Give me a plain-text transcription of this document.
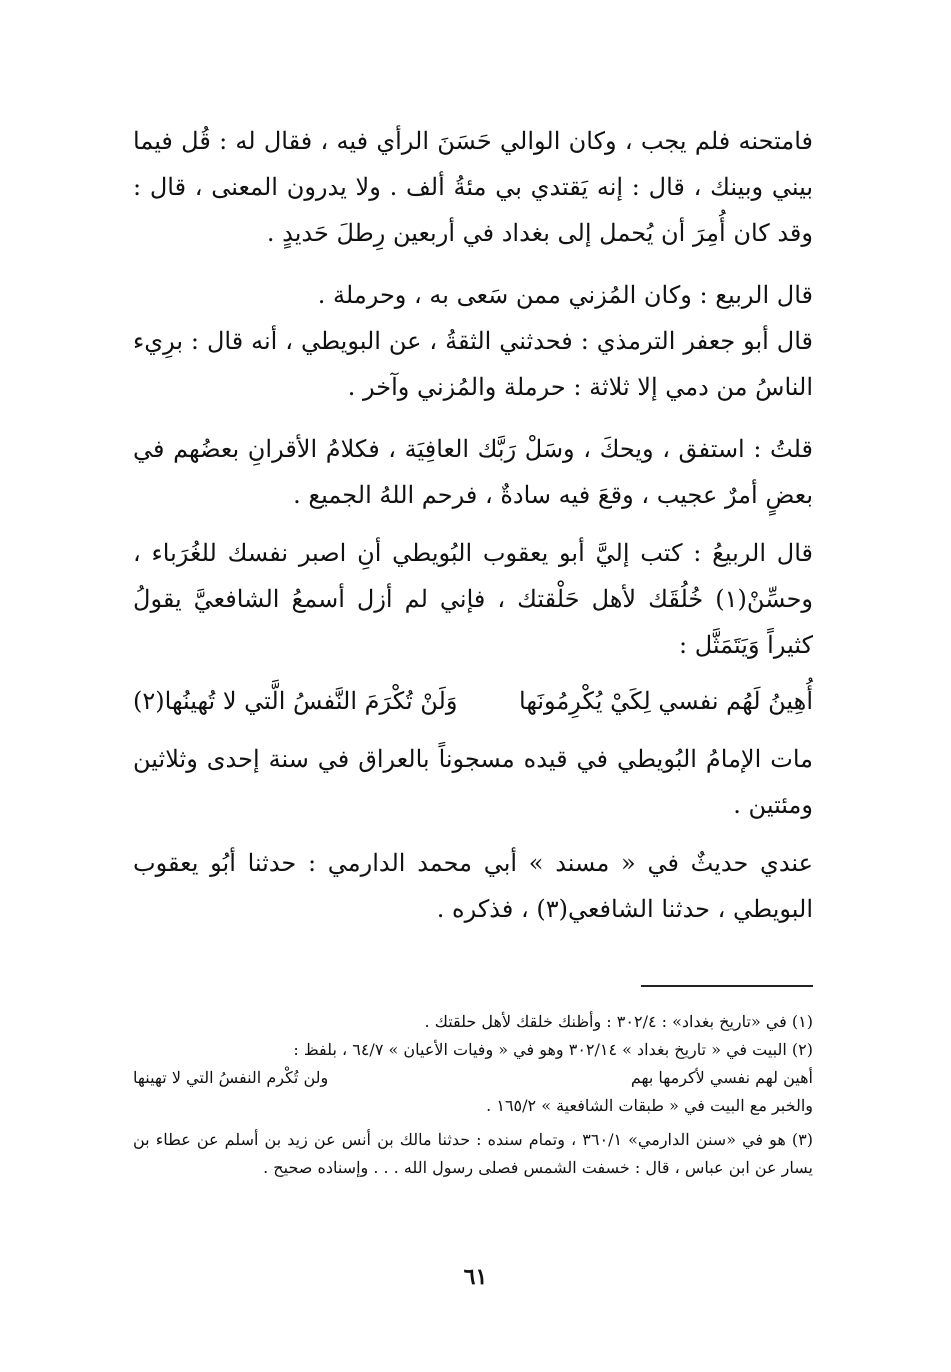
فامتحنه فلم يجب ، وكان الوالي حَسَنَ الرأي فيه ، فقال له : قُل فيما بيني وبينك ، قال : إنه يَقتدي بي مئةُ ألف . ولا يدرون المعنى ، قال : وقد كان أُمِرَ أن يُحمل إلى بغداد في أربعين رِطلَ حَديدٍ .

قال الربيع : وكان المُزني ممن سَعى به ، وحرملة .

قال أبو جعفر الترمذي : فحدثني الثقةُ ، عن البويطي ، أنه قال : برِيء الناسُ من دمي إلا ثلاثة : حرملة والمُزني وآخر .

قلتُ : استفق ، ويحكَ ، وسَلْ رَبَّك العافِيَة ، فكلامُ الأقرانِ بعضُهم في بعضٍ أمرٌ عجيب ، وقعَ فيه سادةٌ ، فرحم اللهُ الجميع .

قال الربيعُ : كتب إليَّ أبو يعقوب البُويطي أنِ اصبر نفسك للغُرَباء ، وحسِّنْ(١) خُلُقَك لأهل حَلْقتك ، فإني لم أزل أسمعُ الشافعيَّ يقولُ كثيراً وَيَتَمَثَّل :

أُهِينُ لَهُم نفسي لِكَيْ يُكْرِمُونَها
وَلَنْ تُكْرَمَ النَّفسُ الَّتي لا تُهينُها(٢)

مات الإمامُ البُويطي في قيده مسجوناً بالعراق في سنة إحدى وثلاثين ومئتين .

عندي حديثٌ في « مسند » أبي محمد الدارمي : حدثنا أبُو يعقوب البويطي ، حدثنا الشافعي(٣) ، فذكره .

(١) في «تاريخ بغداد» : ٣٠٢/٤ : وأظنك خلقك لأهل حلقتك .

(٢) البيت في « تاريخ بغداد » ٣٠٢/١٤ وهو في « وفيات الأعيان » ٦٤/٧ ، بلفظ :

أهين لهم نفسي لأكرمها بهم
ولن تُكْرم النفسُ التي لا تهينها

والخبر مع البيت في « طبقات الشافعية » ١٦٥/٢ .

(٣) هو في «سنن الدارمي» ٣٦٠/١ ، وتمام سنده : حدثنا مالك بن أنس عن زيد بن أسلم عن عطاء بن يسار عن ابن عباس ، قال : خسفت الشمس فصلى رسول الله . . . وإسناده صحيح .

٦١
